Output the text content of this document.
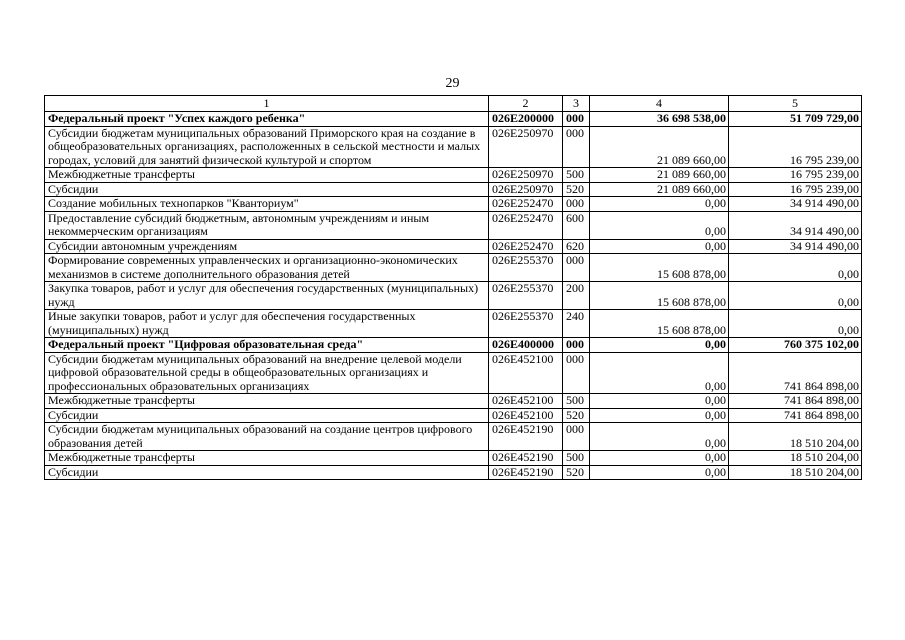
29
1	2	3	4	5
Федеральный проект "Успех каждого ребенка"	026E200000	000	36 698 538,00	51 709 729,00
Субсидии бюджетам муниципальных образований Приморского края на создание в общеобразовательных организациях, расположенных в сельской местности и малых городах, условий для занятий физической культурой и спортом	026E250970	000	21 089 660,00	16 795 239,00
Межбюджетные трансферты	026E250970	500	21 089 660,00	16 795 239,00
Субсидии	026E250970	520	21 089 660,00	16 795 239,00
Создание мобильных технопарков "Кванториум"	026E252470	000	0,00	34 914 490,00
Предоставление субсидий бюджетным, автономным учреждениям и иным некоммерческим организациям	026E252470	600	0,00	34 914 490,00
Субсидии автономным учреждениям	026E252470	620	0,00	34 914 490,00
Формирование современных управленческих и организационно-экономических механизмов в системе дополнительного образования детей	026E255370	000	15 608 878,00	0,00
Закупка товаров, работ и услуг для обеспечения государственных (муниципальных) нужд	026E255370	200	15 608 878,00	0,00
Иные закупки товаров, работ и услуг для обеспечения государственных (муниципальных) нужд	026E255370	240	15 608 878,00	0,00
Федеральный проект "Цифровая образовательная среда"	026E400000	000	0,00	760 375 102,00
Субсидии бюджетам муниципальных образований на внедрение целевой модели цифровой образовательной среды в общеобразовательных организациях и профессиональных образовательных организациях	026E452100	000	0,00	741 864 898,00
Межбюджетные трансферты	026E452100	500	0,00	741 864 898,00
Субсидии	026E452100	520	0,00	741 864 898,00
Субсидии бюджетам муниципальных образований на создание центров цифрового образования детей	026E452190	000	0,00	18 510 204,00
Межбюджетные трансферты	026E452190	500	0,00	18 510 204,00
Субсидии	026E452190	520	0,00	18 510 204,00
